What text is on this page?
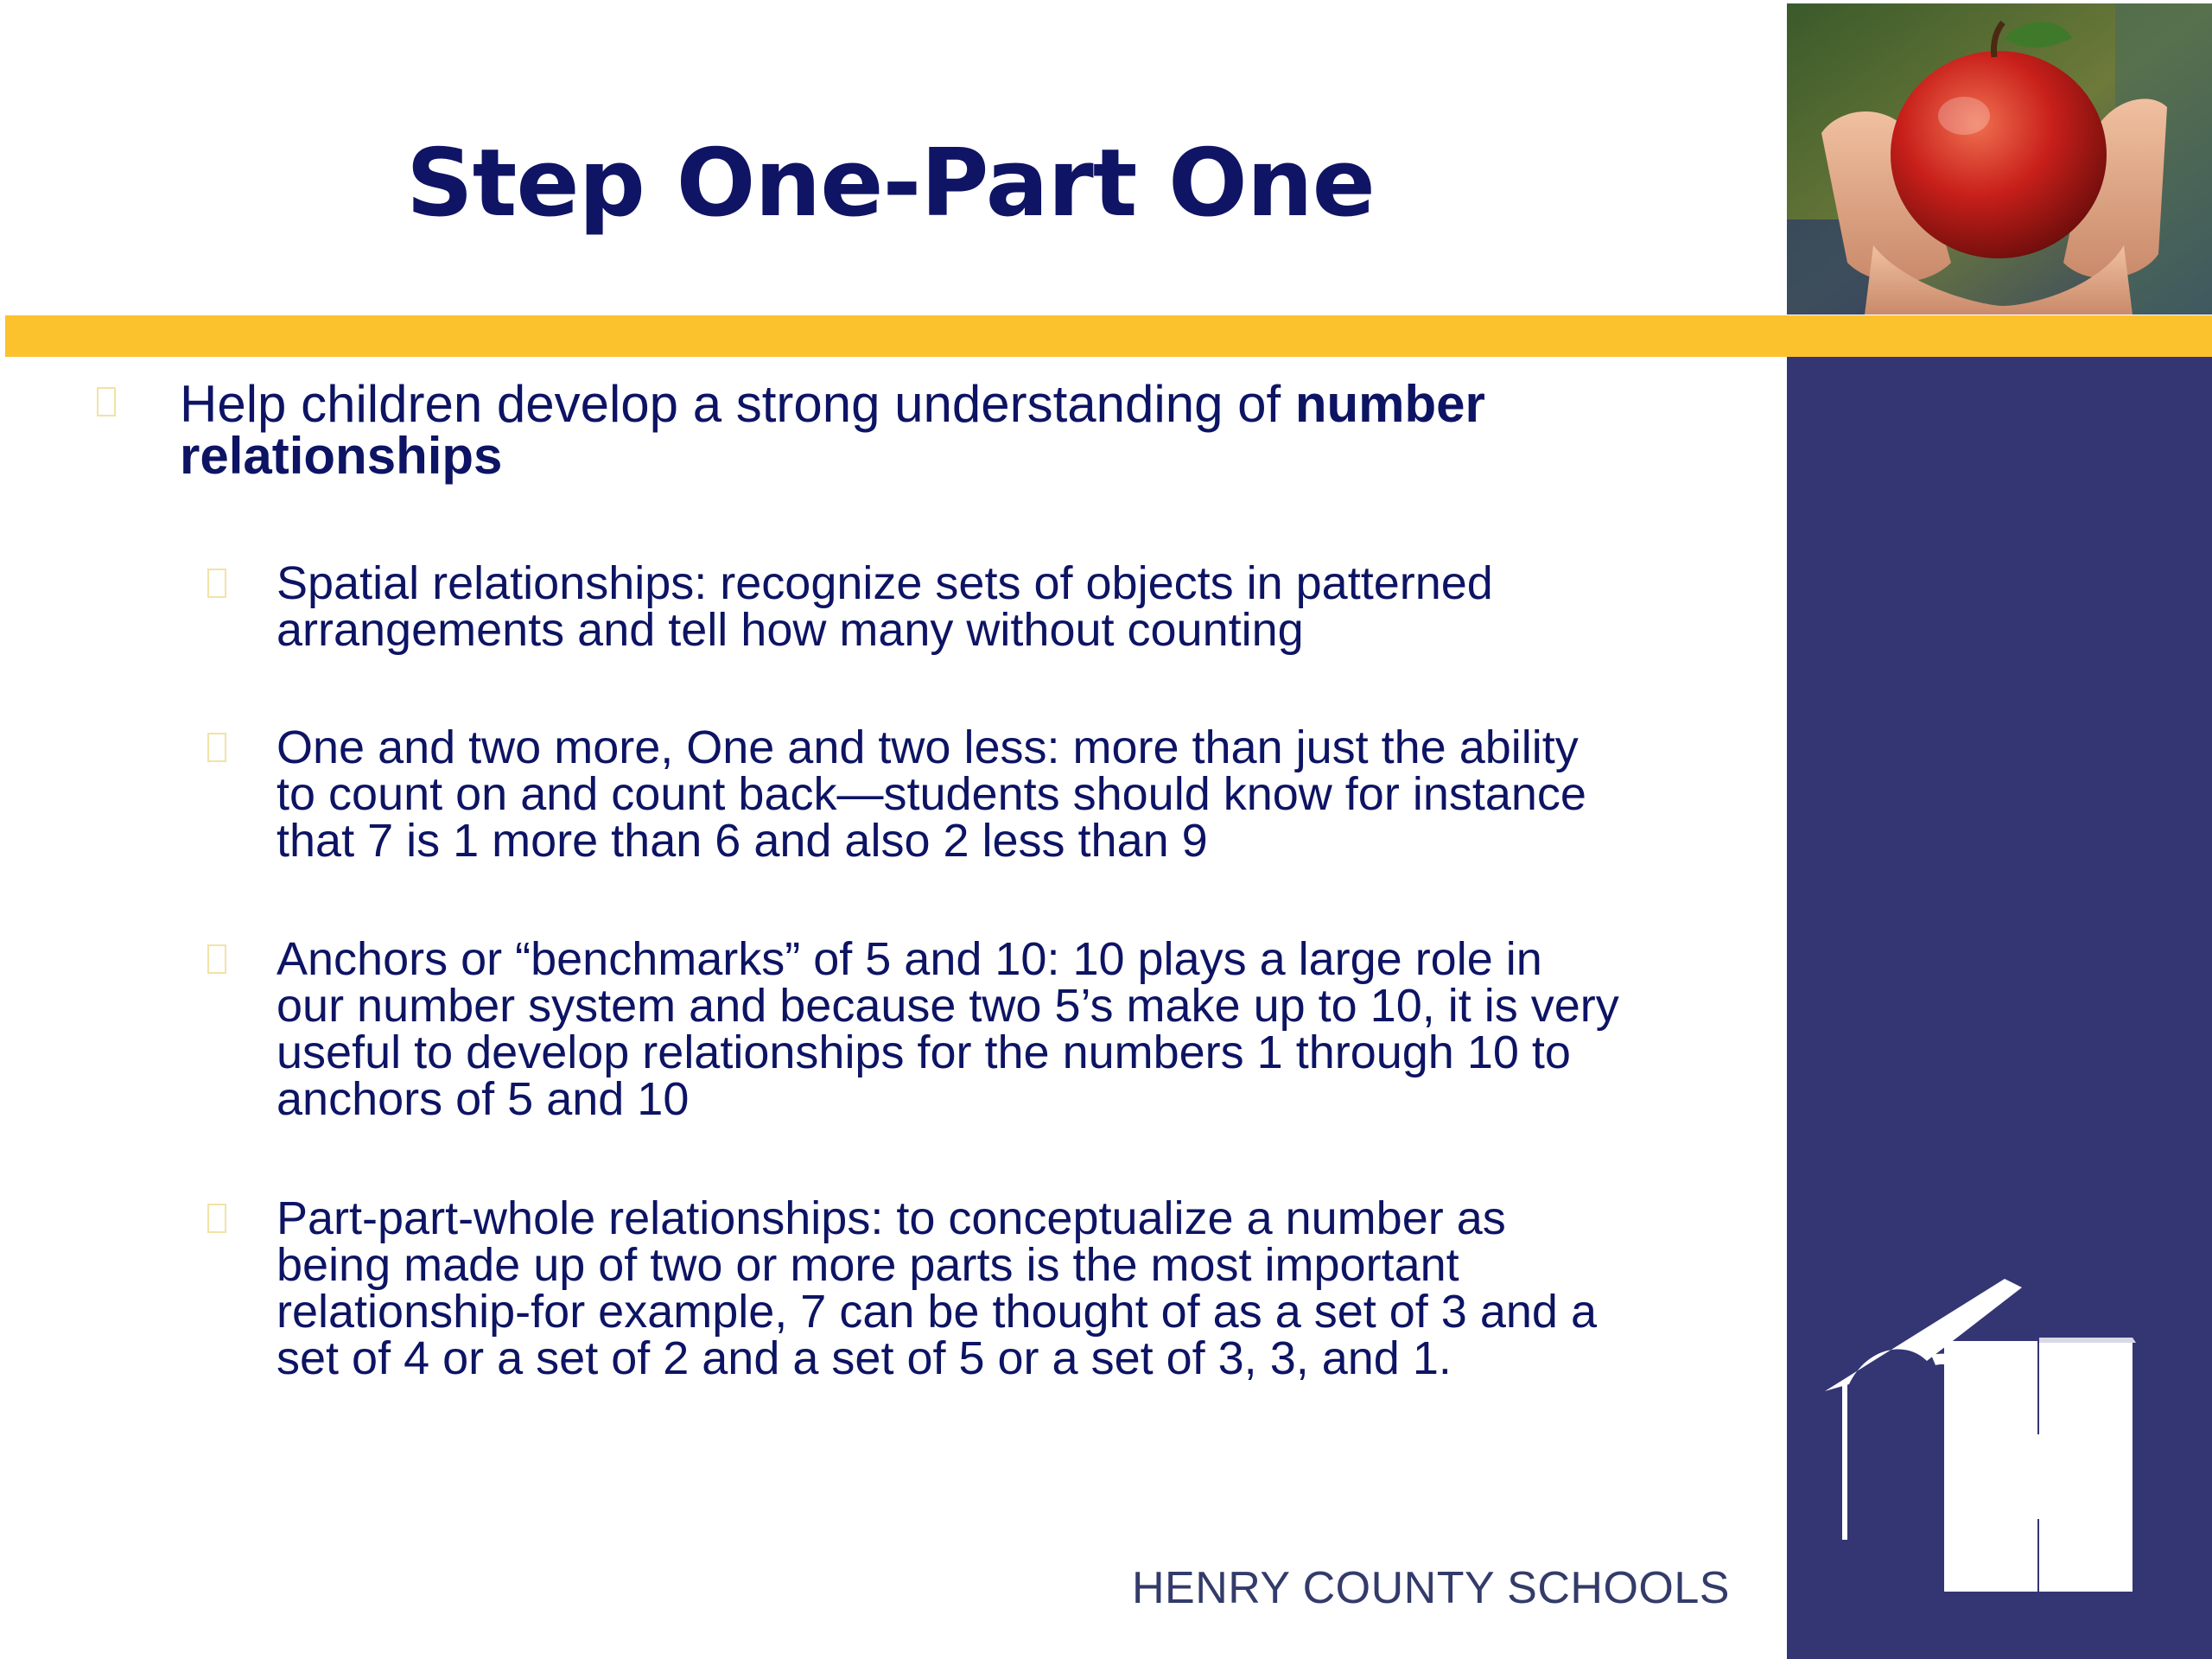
Step One-Part One
HENRY COUNTY SCHOOLS

Help children develop a strong understanding of number

relationships

Spatial relationships: recognize sets of objects in patterned

arrangements and tell how many without counting

One and two more, One and two less: more than just the ability

to count on and count back—students should know for instance

that 7 is 1 more than 6 and also 2 less than 9

Anchors or “benchmarks” of 5 and 10: 10 plays a large role in

our number system and because two 5’s make up to 10, it is very

useful to develop relationships for the numbers 1 through 10 to

anchors of 5 and 10

Part-part-whole relationships: to conceptualize a number as

being made up of two or more parts is the most important

relationship-for example, 7 can be thought of as a set of 3 and a

set of 4 or a set of 2 and a set of 5 or a set of 3, 3, and 1.
